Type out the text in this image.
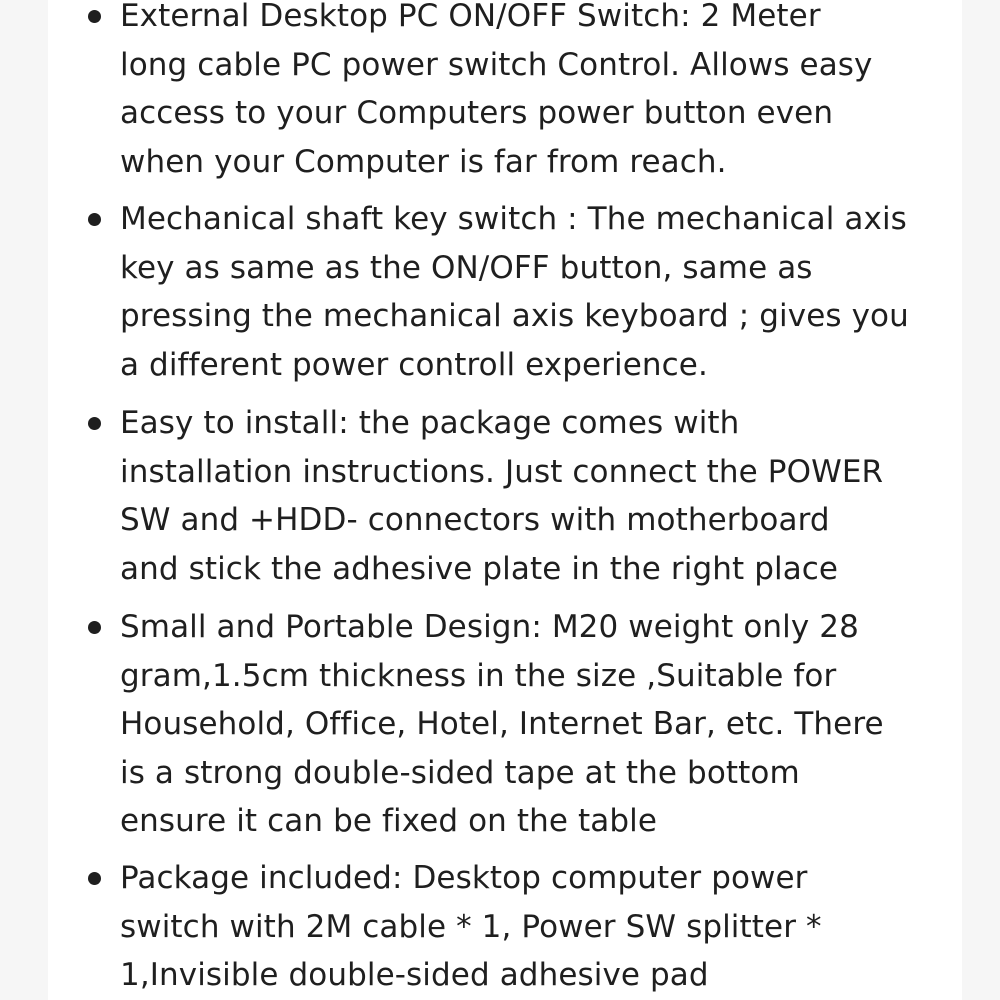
External Desktop PC ON/OFF Switch: 2 Meter
long cable PC power switch Control. Allows easy
access to your Computers power button even
when your Computer is far from reach.
Mechanical shaft key switch : The mechanical axis
key as same as the ON/OFF button, same as
pressing the mechanical axis keyboard ; gives you
a different power controll experience.
Easy to install: the package comes with
installation instructions. Just connect the POWER
SW and +HDD- connectors with motherboard
and stick the adhesive plate in the right place
Small and Portable Design: M20 weight only 28
gram,1.5cm thickness in the size ,Suitable for
Household, Office, Hotel, Internet Bar, etc. There
is a strong double-sided tape at the bottom
ensure it can be fixed on the table
Package included: Desktop computer power
switch with 2M cable * 1, Power SW splitter *
1,Invisible double-sided adhesive pad
